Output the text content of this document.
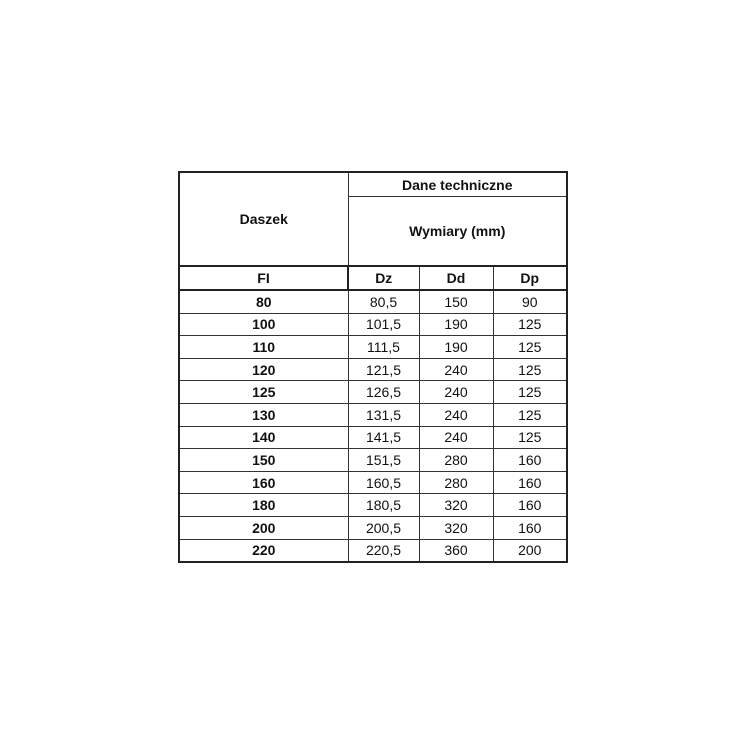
Daszek	Dane techniczne		
	Wymiary (mm)		
FI	Dz	Dd	Dp
80	80,5	150	90
100	101,5	190	125
110	111,5	190	125
120	121,5	240	125
125	126,5	240	125
130	131,5	240	125
140	141,5	240	125
150	151,5	280	160
160	160,5	280	160
180	180,5	320	160
200	200,5	320	160
220	220,5	360	200
